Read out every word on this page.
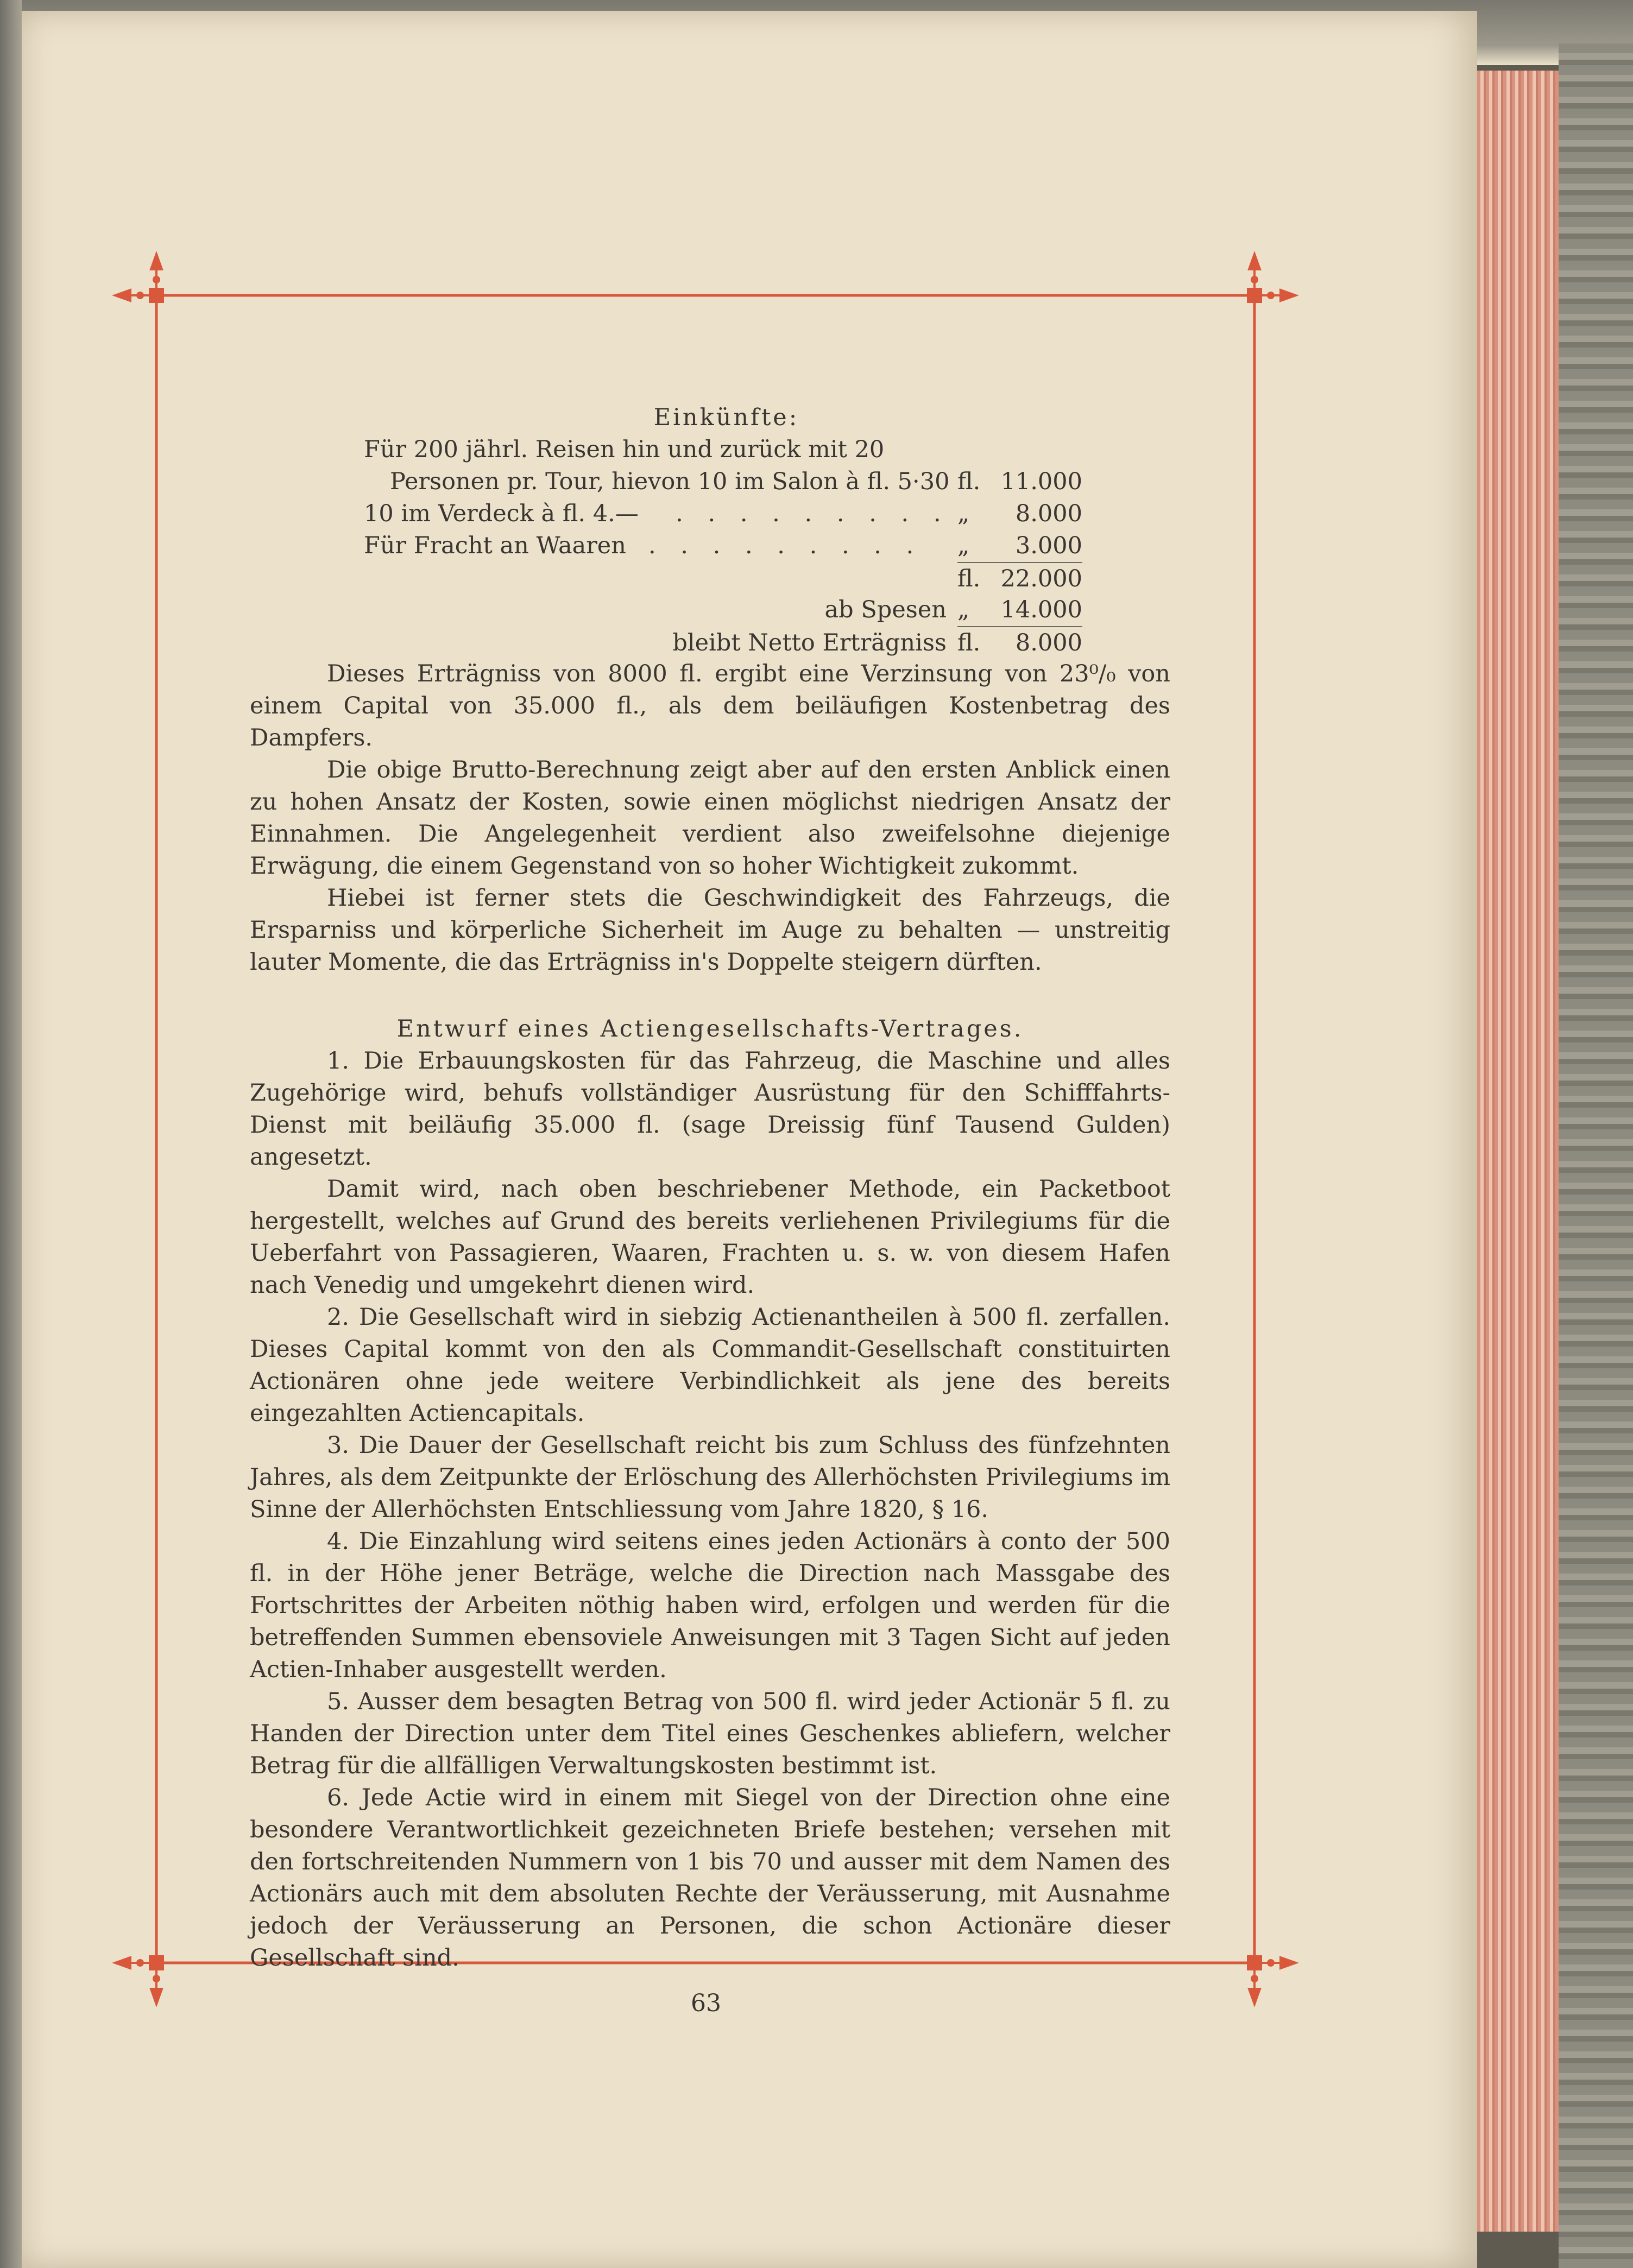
Einkünfte:
Für 200 jährl. Reisen hin und zurück mit 20
Personen pr. Tour, hievon 10 im Salon à fl. 5·30 fl. 11.000
10 im Verdeck à fl. 4.— . . . . . . . . . „	8.000
Für Fracht an Waaren . . . . . . . . .	„	3.000
fl. 22.000
ab Spesen „	14.000
bleibt Netto Erträgniss fl.	8.000

Dieses Erträgniss von 8000 fl. ergibt eine Verzinsung von 23⁰/₀ von einem Capital von 35.000 fl., als dem beiläufigen Kostenbetrag des Dampfers.

Die obige Brutto-Berechnung zeigt aber auf den ersten Anblick einen zu hohen Ansatz der Kosten, sowie einen möglichst niedrigen Ansatz der Einnahmen. Die Angelegenheit verdient also zweifelsohne diejenige Erwägung, die einem Gegenstand von so hoher Wichtigkeit zukommt.

Hiebei ist ferner stets die Geschwindigkeit des Fahrzeugs, die Ersparniss und körperliche Sicherheit im Auge zu behalten — unstreitig lauter Momente, die das Erträgniss in's Doppelte steigern dürften.

Entwurf eines Actiengesellschafts-Vertrages.

1. Die Erbauungskosten für das Fahrzeug, die Maschine und alles Zugehörige wird, behufs vollständiger Ausrüstung für den Schifffahrts-Dienst mit beiläufig 35.000 fl. (sage Dreissig fünf Tausend Gulden) angesetzt.

Damit wird, nach oben beschriebener Methode, ein Packetboot hergestellt, welches auf Grund des bereits verliehenen Privilegiums für die Ueberfahrt von Passagieren, Waaren, Frachten u. s. w. von diesem Hafen nach Venedig und umgekehrt dienen wird.

2. Die Gesellschaft wird in siebzig Actienantheilen à 500 fl. zerfallen. Dieses Capital kommt von den als Commandit-Gesellschaft constituirten Actionären ohne jede weitere Verbindlichkeit als jene des bereits eingezahlten Actiencapitals.

3. Die Dauer der Gesellschaft reicht bis zum Schluss des fünfzehnten Jahres, als dem Zeitpunkte der Erlöschung des Allerhöchsten Privilegiums im Sinne der Allerhöchsten Entschliessung vom Jahre 1820, § 16.

4. Die Einzahlung wird seitens eines jeden Actionärs à conto der 500 fl. in der Höhe jener Beträge, welche die Direction nach Massgabe des Fortschrittes der Arbeiten nöthig haben wird, erfolgen und werden für die betreffenden Summen ebensoviele Anweisungen mit 3 Tagen Sicht auf jeden Actien-Inhaber ausgestellt werden.

5. Ausser dem besagten Betrag von 500 fl. wird jeder Actionär 5 fl. zu Handen der Direction unter dem Titel eines Geschenkes abliefern, welcher Betrag für die allfälligen Verwaltungskosten bestimmt ist.

6. Jede Actie wird in einem mit Siegel von der Direction ohne eine besondere Verantwortlichkeit gezeichneten Briefe bestehen; versehen mit den fortschreitenden Nummern von 1 bis 70 und ausser mit dem Namen des Actionärs auch mit dem absoluten Rechte der Veräusserung, mit Ausnahme jedoch der Veräusserung an Personen, die schon Actionäre dieser Gesellschaft sind.

63
